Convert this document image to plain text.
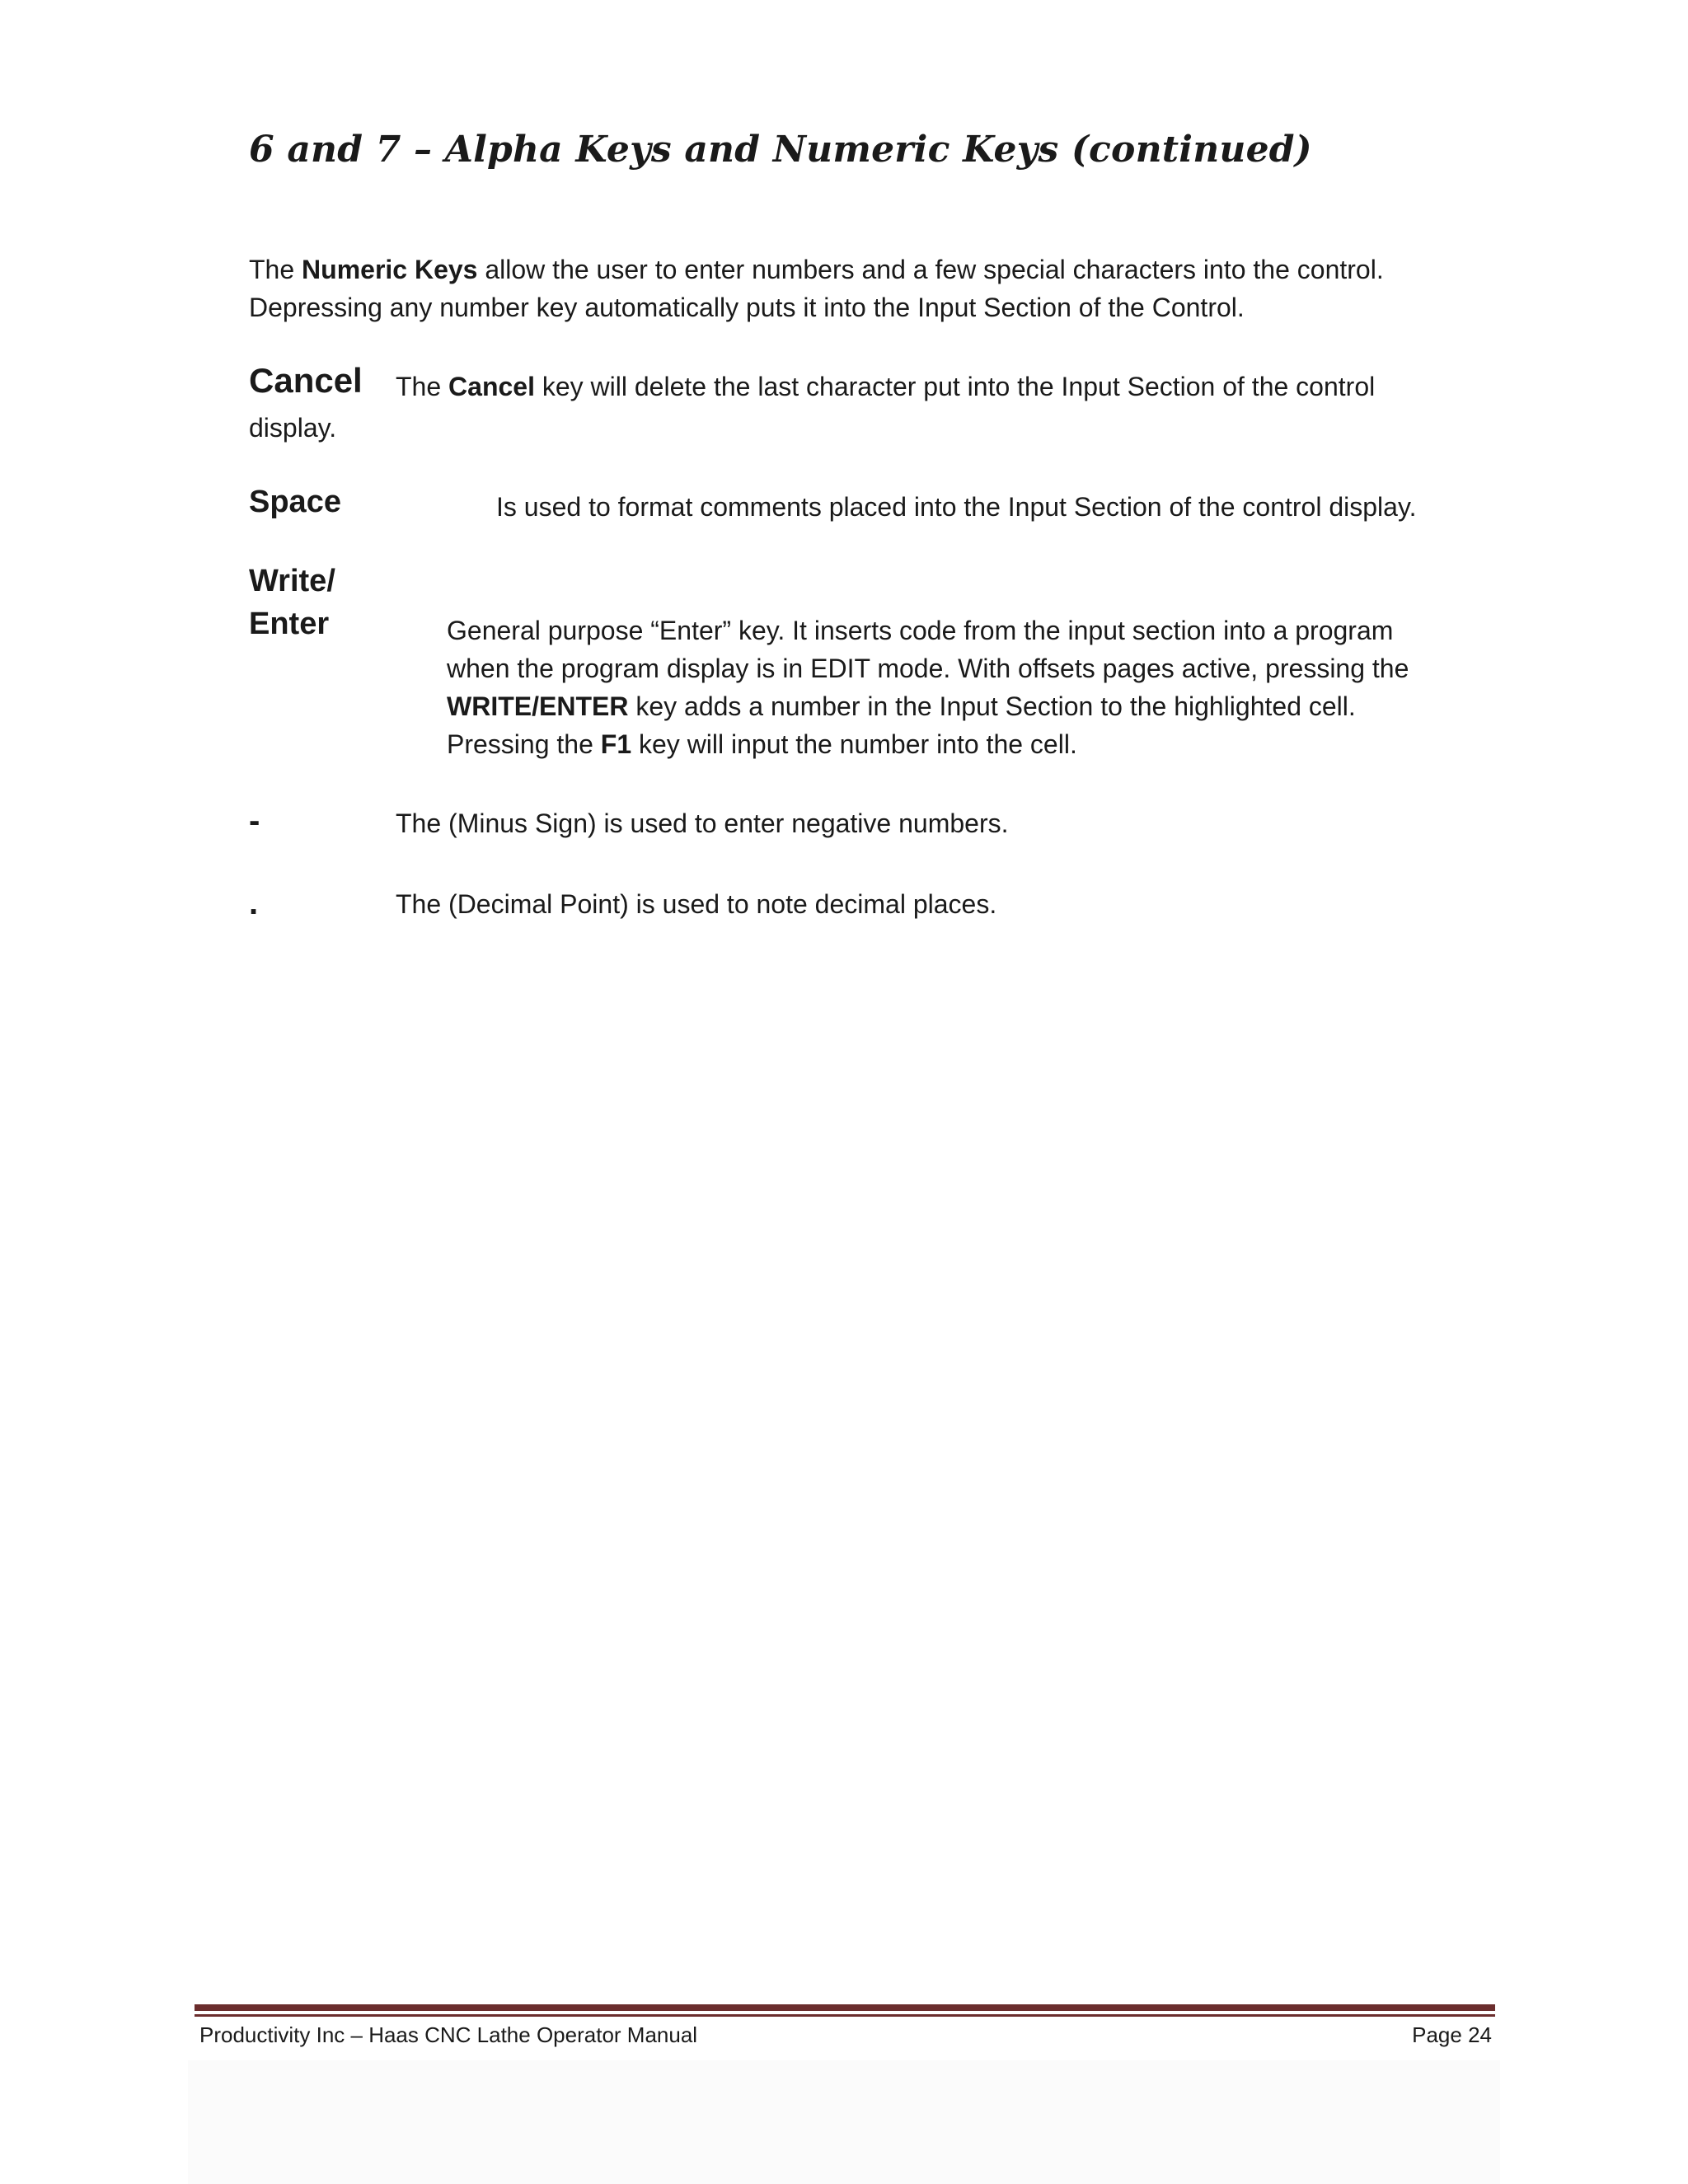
6 and 7 – Alpha Keys and Numeric Keys (continued)
The Numeric Keys allow the user to enter numbers and a few special characters into the control.
Depressing any number key automatically puts it into the Input Section of the Control.
Cancel The Cancel key will delete the last character put into the Input Section of the control
display.
Space	Is used to format comments placed into the Input Section of the control display.
Write/
Enter	General purpose “Enter” key. It inserts code from the input section into a program
when the program display is in EDIT mode. With offsets pages active, pressing the
WRITE/ENTER key adds a number in the Input Section to the highlighted cell.
Pressing the F1 key will input the number into the cell.
-	The (Minus Sign) is used to enter negative numbers.
.	The (Decimal Point) is used to note decimal places.
Productivity Inc – Haas CNC Lathe Operator Manual	Page 24
